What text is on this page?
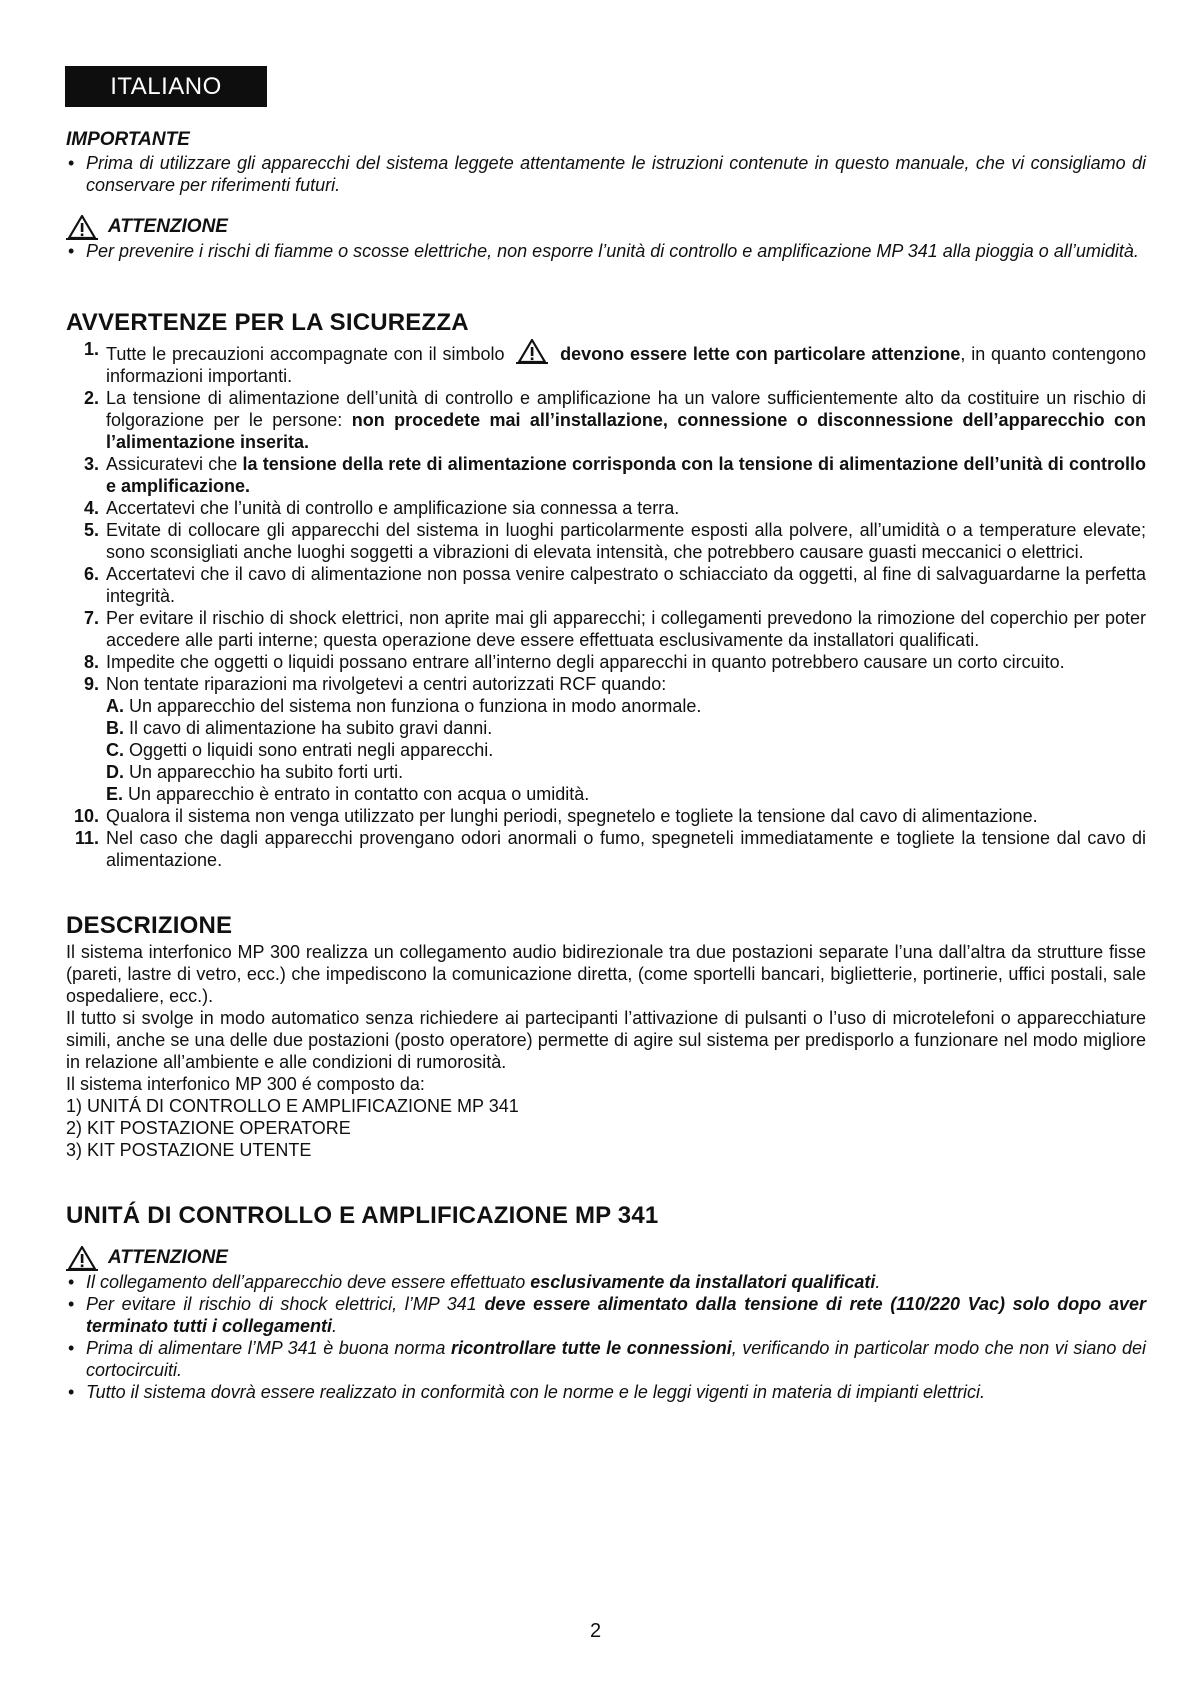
ITALIANO

IMPORTANTE

• Prima di utilizzare gli apparecchi del sistema leggete attentamente le istruzioni contenute in questo manuale, che vi consigliamo di conservare per riferimenti futuri.

ATTENZIONE

• Per prevenire i rischi di fiamme o scosse elettriche, non esporre l’unità di controllo e amplificazione MP 341 alla pioggia o all’umidità.
AVVERTENZE PER LA SICUREZZA
1. Tutte le precauzioni accompagnate con il simbolo	devono essere lette con particolare attenzione, in quanto contengono informazioni importanti.
2. La tensione di alimentazione dell’unità di controllo e amplificazione ha un valore sufficientemente alto da costituire un rischio di folgorazione per le persone: non procedete mai all’installazione, connessione o disconnessione dell’apparecchio con l’alimentazione inserita.
3. Assicuratevi che la tensione della rete di alimentazione corrisponda con la tensione di alimentazione dell’unità di controllo e amplificazione.
4. Accertatevi che l’unità di controllo e amplificazione sia connessa a terra.
5. Evitate di collocare gli apparecchi del sistema in luoghi particolarmente esposti alla polvere, all’umidità o a temperature elevate; sono sconsigliati anche luoghi soggetti a vibrazioni di elevata intensità, che potrebbero causare guasti meccanici o elettrici.
6. Accertatevi che il cavo di alimentazione non possa venire calpestrato o schiacciato da oggetti, al fine di salvaguardarne la perfetta integrità.
7. Per evitare il rischio di shock elettrici, non aprite mai gli apparecchi; i collegamenti prevedono la rimozione del coperchio per poter accedere alle parti interne; questa operazione deve essere effettuata esclusivamente da installatori qualificati.
8. Impedite che oggetti o liquidi possano entrare all’interno degli apparecchi in quanto potrebbero causare un corto circuito.
9. Non tentate riparazioni ma rivolgetevi a centri autorizzati RCF quando:
A. Un apparecchio del sistema non funziona o funziona in modo anormale.
B. Il cavo di alimentazione ha subito gravi danni.
C. Oggetti o liquidi sono entrati negli apparecchi.
D. Un apparecchio ha subito forti urti.
E. Un apparecchio è entrato in contatto con acqua o umidità.
10. Qualora il sistema non venga utilizzato per lunghi periodi, spegnetelo e togliete la tensione dal cavo di alimentazione.
11. Nel caso che dagli apparecchi provengano odori anormali o fumo, spegneteli immediatamente e togliete la tensione dal cavo di alimentazione.
DESCRIZIONE

Il sistema interfonico MP 300 realizza un collegamento audio bidirezionale tra due postazioni separate l’una dall’altra da strutture fisse (pareti, lastre di vetro, ecc.) che impediscono la comunicazione diretta, (come sportelli bancari, biglietterie, portinerie, uffici postali, sale ospedaliere, ecc.).

Il tutto si svolge in modo automatico senza richiedere ai partecipanti l’attivazione di pulsanti o l’uso di microtelefoni o apparecchiature simili, anche se una delle due postazioni (posto operatore) permette di agire sul sistema per predisporlo a funzionare nel modo migliore in relazione all’ambiente e alle condizioni di rumorosità.

Il sistema interfonico MP 300 é composto da:

1) UNITÁ DI CONTROLLO E AMPLIFICAZIONE MP 341

2) KIT POSTAZIONE OPERATORE

3) KIT POSTAZIONE UTENTE

UNITÁ DI CONTROLLO E AMPLIFICAZIONE MP 341

ATTENZIONE

• Il collegamento dell’apparecchio deve essere effettuato esclusivamente da installatori qualificati.
• Per evitare il rischio di shock elettrici, l’MP 341 deve essere alimentato dalla tensione di rete (110/220 Vac) solo dopo aver terminato tutti i collegamenti.
• Prima di alimentare l’MP 341 è buona norma ricontrollare tutte le connessioni, verificando in particolar modo che non vi siano dei cortocircuiti.
• Tutto il sistema dovrà essere realizzato in conformità con le norme e le leggi vigenti in materia di impianti elettrici.
2
